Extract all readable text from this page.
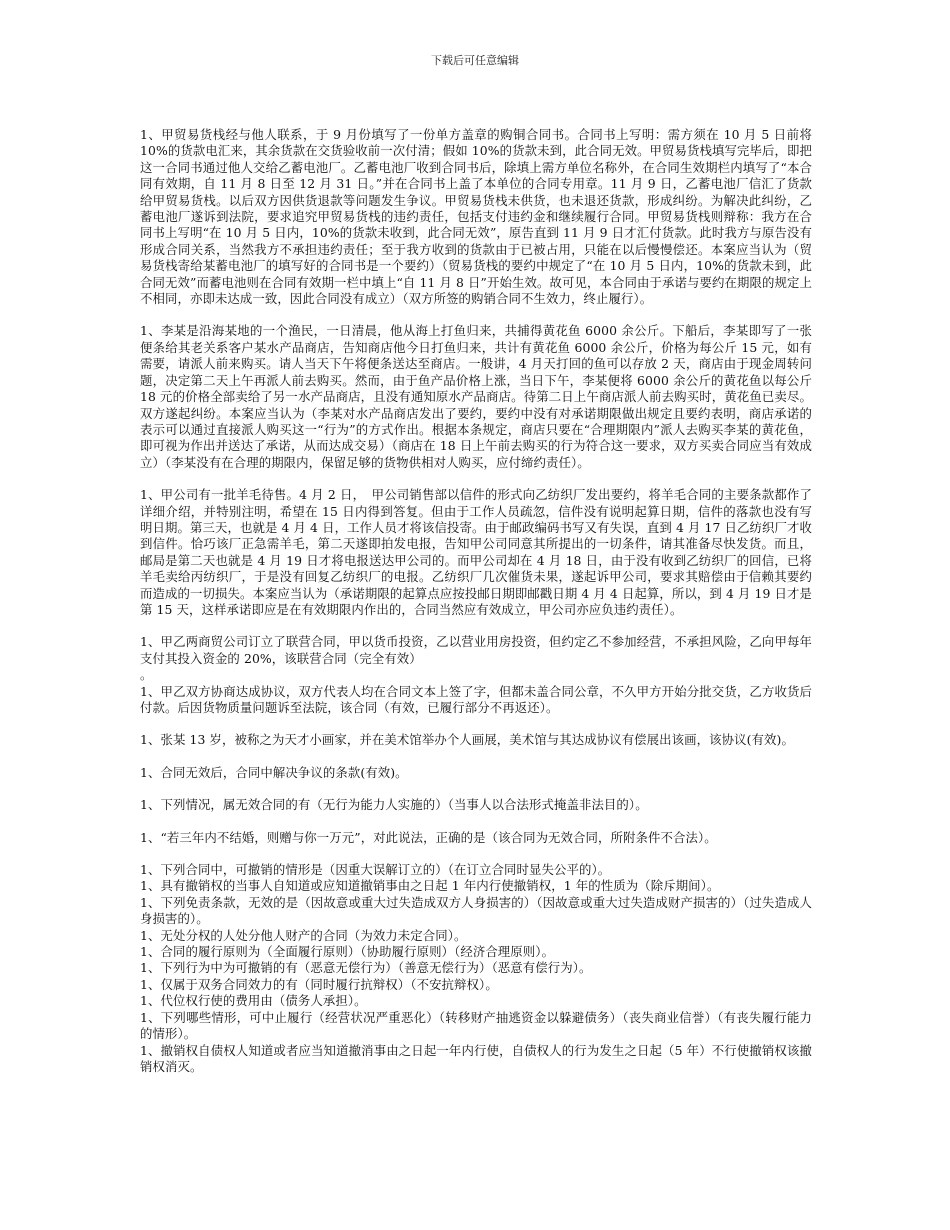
下载后可任意编辑

1、甲贸易货栈经与他人联系，于 9 月份填写了一份单方盖章的购铜合同书。合同书上写明：需方须在 10 月 5 日前将 10%的货款电汇来，其余货款在交货验收前一次付清；假如 10%的货款未到，此合同无效。甲贸易货栈填写完毕后，即把这一合同书通过他人交给乙蓄电池厂。乙蓄电池厂收到合同书后，除填上需方单位名称外，在合同生效期栏内填写了“本合同有效期，自 11 月 8 日至 12 月 31 日。”并在合同书上盖了本单位的合同专用章。11 月 9 日，乙蓄电池厂信汇了货款给甲贸易货栈。以后双方因供货退款等问题发生争议。甲贸易货栈未供货，也未退还货款，形成纠纷。为解决此纠纷，乙蓄电池厂遂诉到法院，要求追究甲贸易货栈的违约责任，包括支付违约金和继续履行合同。甲贸易货栈则辩称：我方在合同书上写明“在 10 月 5 日内，10%的货款未收到，此合同无效”，原告直到 11 月 9 日才汇付货款。此时我方与原告没有形成合同关系，当然我方不承担违约责任；至于我方收到的货款由于已被占用，只能在以后慢慢偿还。本案应当认为（贸易货栈寄给某蓄电池厂的填写好的合同书是一个要约）（贸易货栈的要约中规定了“在 10 月 5 日内，10%的货款未到，此合同无效”而蓄电池则在合同有效期一栏中填上“自 11 月 8 日”开始生效。故可见，本合同由于承诺与要约在期限的规定上不相同，亦即未达成一致，因此合同没有成立）（双方所签的购销合同不生效力，终止履行）。

1、李某是沿海某地的一个渔民，一日清晨，他从海上打鱼归来，共捕得黄花鱼 6000 余公斤。下船后，李某即写了一张便条给其老关系客户某水产品商店，告知商店他今日打鱼归来，共计有黄花鱼 6000 余公斤，价格为每公斤 15 元，如有需要，请派人前来购买。请人当天下午将便条送达至商店。一般讲，4 月天打回的鱼可以存放 2 天，商店由于现金周转问题，决定第二天上午再派人前去购买。然而，由于鱼产品价格上涨，当日下午，李某便将 6000 余公斤的黄花鱼以每公斤 18 元的价格全部卖给了另一水产品商店，且没有通知原水产品商店。待第二日上午商店派人前去购买时，黄花鱼已卖尽。双方遂起纠纷。本案应当认为（李某对水产品商店发出了要约，要约中没有对承诺期限做出规定且要约表明，商店承诺的表示可以通过直接派人购买这一“行为”的方式作出。根据本条规定，商店只要在“合理期限内”派人去购买李某的黄花鱼，即可视为作出并送达了承诺，从而达成交易）（商店在 18 日上午前去购买的行为符合这一要求，双方买卖合同应当有效成立）（李某没有在合理的期限内，保留足够的货物供相对人购买，应付缔约责任）。

1、甲公司有一批羊毛待售。4 月 2 日，　甲公司销售部以信件的形式向乙纺织厂发出要约，将羊毛合同的主要条款都作了详细介绍，并特别注明，希望在 15 日内得到答复。但由于工作人员疏忽，信件没有说明起算日期，信件的落款也没有写明日期。第三天，也就是 4 月 4 日，工作人员才将该信投寄。由于邮政编码书写又有失误，直到 4 月 17 日乙纺织厂才收到信件。恰巧该厂正急需羊毛，第二天遂即拍发电报，告知甲公司同意其所提出的一切条件，请其准备尽快发货。而且，邮局是第二天也就是 4 月 19 日才将电报送达甲公司的。而甲公司却在 4 月 18 日，由于没有收到乙纺织厂的回信，已将羊毛卖给丙纺织厂，于是没有回复乙纺织厂的电报。乙纺织厂几次催货未果，遂起诉甲公司，要求其赔偿由于信赖其要约而造成的一切损失。本案应当认为（承诺期限的起算点应按投邮日期即邮戳日期 4 月 4 日起算，所以，到 4 月 19 日才是第 15 天，这样承诺即应是在有效期限内作出的，合同当然应有效成立，甲公司亦应负违约责任）。

1、甲乙两商贸公司订立了联营合同，甲以货币投资，乙以营业用房投资，但约定乙不参加经营，不承担风险，乙向甲每年支付其投入资金的 20%，该联营合同（完全有效）

。

1、甲乙双方协商达成协议，双方代表人均在合同文本上签了字，但都未盖合同公章，不久甲方开始分批交货，乙方收货后付款。后因货物质量问题诉至法院，该合同（有效，已履行部分不再返还）。

1、张某 13 岁，被称之为天才小画家，并在美术馆举办个人画展，美术馆与其达成协议有偿展出该画，该协议(有效)。

1、合同无效后，合同中解决争议的条款(有效)。

1、下列情况，属无效合同的有（无行为能力人实施的）（当事人以合法形式掩盖非法目的）。

1、“若三年内不结婚，则赠与你一万元”，对此说法，正确的是（该合同为无效合同，所附条件不合法）。

1、下列合同中，可撤销的情形是（因重大误解订立的）（在订立合同时显失公平的）。

1、具有撤销权的当事人自知道或应知道撤销事由之日起 1 年内行使撤销权，1 年的性质为（除斥期间）。

1、下列免责条款，无效的是（因故意或重大过失造成双方人身损害的）（因故意或重大过失造成财产损害的）（过失造成人身损害的）。

1、无处分权的人处分他人财产的合同（为效力未定合同）。

1、合同的履行原则为（全面履行原则）（协助履行原则）（经济合理原则）。

1、下列行为中为可撤销的有（恶意无偿行为）（善意无偿行为）（恶意有偿行为）。

1、仅属于双务合同效力的有（同时履行抗辩权）（不安抗辩权）。

1、代位权行使的费用由（债务人承担）。

1、下列哪些情形，可中止履行（经营状况严重恶化）（转移财产抽逃资金以躲避债务）（丧失商业信誉）（有丧失履行能力的情形）。

1、撤销权自债权人知道或者应当知道撤消事由之日起一年内行使，自债权人的行为发生之日起（5 年）不行使撤销权该撤销权消灭。
